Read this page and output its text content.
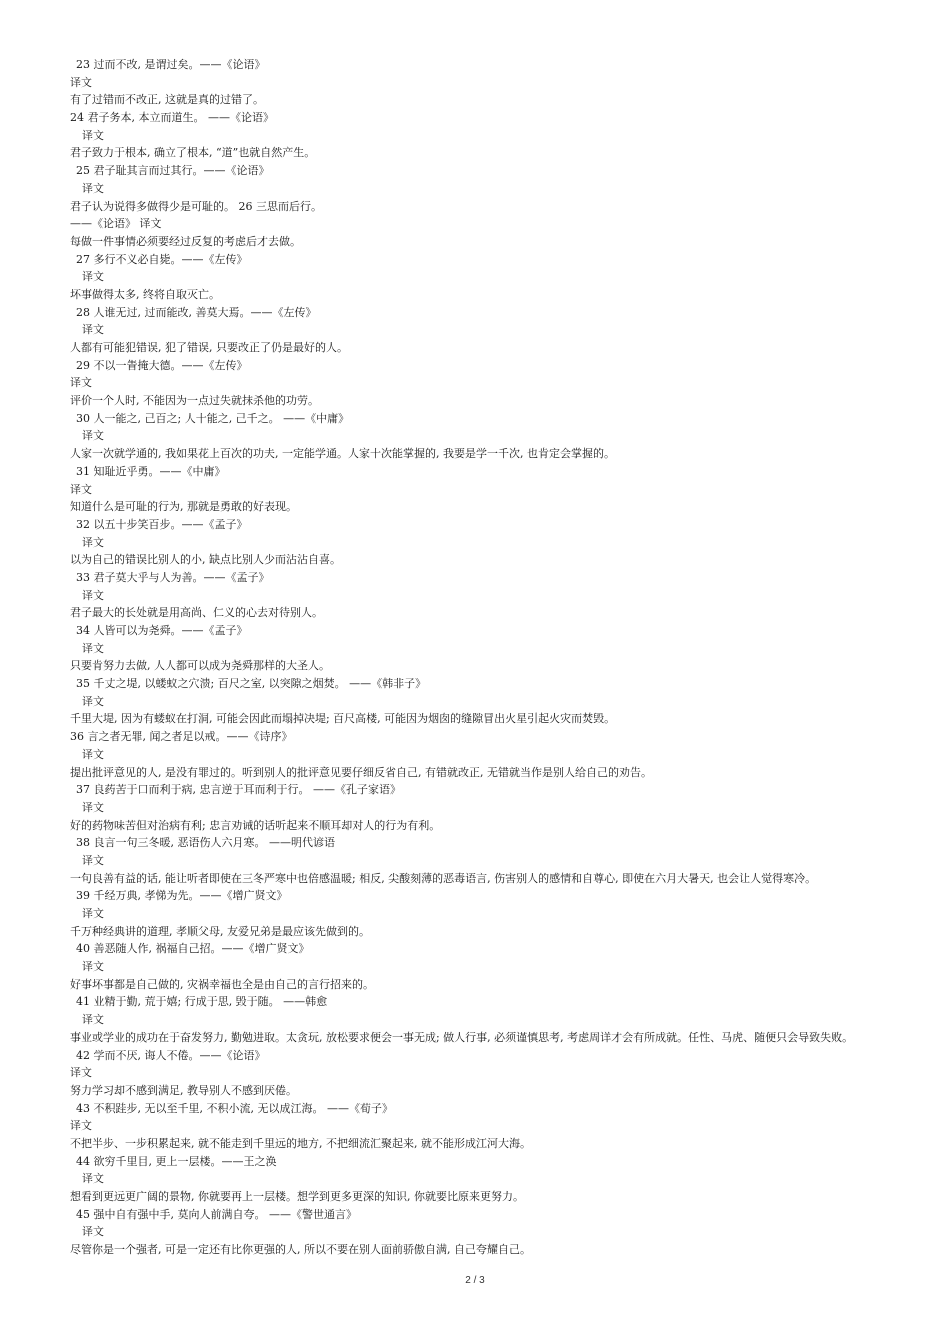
23 过而不改, 是谓过矣。——《论语》
译文
有了过错而不改正, 这就是真的过错了。
24 君子务本, 本立而道生。 ——《论语》
译文
君子致力于根本, 确立了根本, “道”也就自然产生。
25 君子耻其言而过其行。——《论语》
译文
君子认为说得多做得少是可耻的。 26 三思而后行。
——《论语》 译文
每做一件事情必须要经过反复的考虑后才去做。
27 多行不义必自毙。——《左传》
译文
坏事做得太多, 终将自取灭亡。
28 人谁无过, 过而能改, 善莫大焉。——《左传》
译文
人都有可能犯错误, 犯了错误, 只要改正了仍是最好的人。
29 不以一眚掩大德。——《左传》
译文
评价一个人时, 不能因为一点过失就抹杀他的功劳。
30 人一能之, 己百之; 人十能之, 己千之。 ——《中庸》
译文
人家一次就学通的, 我如果花上百次的功夫, 一定能学通。人家十次能掌握的, 我要是学一千次, 也肯定会掌握的。
31 知耻近乎勇。——《中庸》
译文
知道什么是可耻的行为, 那就是勇敢的好表现。
32 以五十步笑百步。——《孟子》
译文
以为自己的错误比别人的小, 缺点比别人少而沾沾自喜。
33 君子莫大乎与人为善。——《孟子》
译文
君子最大的长处就是用高尚、仁义的心去对待别人。
34 人皆可以为尧舜。——《孟子》
译文
只要肯努力去做, 人人都可以成为尧舜那样的大圣人。
35 千丈之堤, 以蝼蚁之穴溃; 百尺之室, 以突隙之烟焚。 ——《韩非子》
译文
千里大堤, 因为有蝼蚁在打洞, 可能会因此而塌掉决堤; 百尺高楼, 可能因为烟囱的缝隙冒出火星引起火灾而焚毁。
36 言之者无罪, 闻之者足以戒。——《诗序》
译文
提出批评意见的人, 是没有罪过的。听到别人的批评意见要仔细反省自己, 有错就改正, 无错就当作是别人给自己的劝告。
37 良药苦于口而利于病, 忠言逆于耳而利于行。 ——《孔子家语》
译文
好的药物味苦但对治病有利; 忠言劝诫的话听起来不顺耳却对人的行为有利。
38 良言一句三冬暖, 恶语伤人六月寒。 ——明代谚语
译文
一句良善有益的话, 能让听者即使在三冬严寒中也倍感温暖; 相反, 尖酸刻薄的恶毒语言, 伤害别人的感情和自尊心, 即使在六月大暑天, 也会让人觉得寒冷。
39 千经万典, 孝悌为先。——《增广贤文》
译文
千万种经典讲的道理, 孝顺父母, 友爱兄弟是最应该先做到的。
40 善恶随人作, 祸福自己招。——《增广贤文》
译文
好事坏事都是自己做的, 灾祸幸福也全是由自己的言行招来的。
41 业精于勤, 荒于嬉; 行成于思, 毁于随。 ——韩愈
译文
事业或学业的成功在于奋发努力, 勤勉进取。太贪玩, 放松要求便会一事无成; 做人行事, 必须谨慎思考, 考虑周详才会有所成就。任性、马虎、随便只会导致失败。
42 学而不厌, 诲人不倦。——《论语》
译文
努力学习却不感到满足, 教导别人不感到厌倦。
43 不积跬步, 无以至千里, 不积小流, 无以成江海。 ——《荀子》
译文
不把半步、一步积累起来, 就不能走到千里远的地方, 不把细流汇聚起来, 就不能形成江河大海。
44 欲穷千里目, 更上一层楼。——王之涣
译文
想看到更远更广阔的景物, 你就要再上一层楼。想学到更多更深的知识, 你就要比原来更努力。
45 强中自有强中手, 莫向人前满自夸。 ——《警世通言》
译文
尽管你是一个强者, 可是一定还有比你更强的人, 所以不要在别人面前骄傲自满, 自己夸耀自己。
2 / 3
